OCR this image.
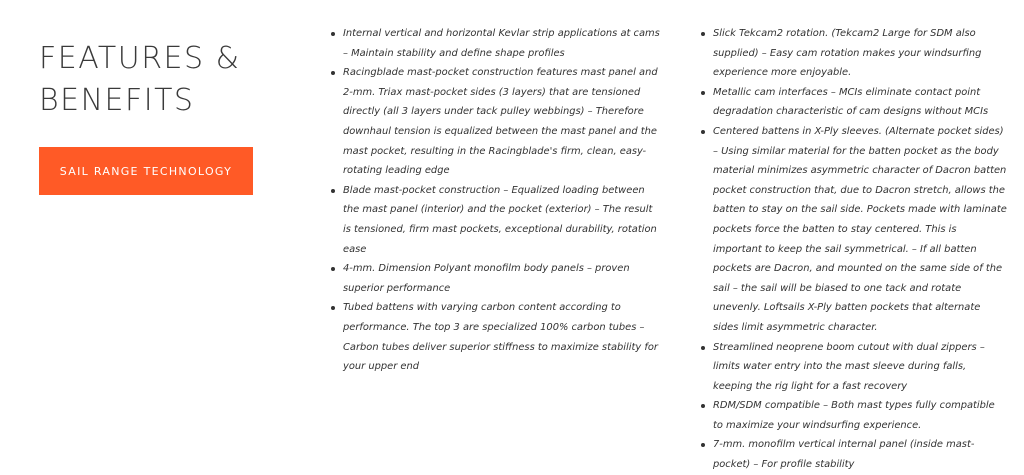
FEATURES &
BENEFITS
SAIL RANGE TECHNOLOGY
Internal vertical and horizontal Kevlar strip applications at cams – Maintain stability and define shape profiles
Racingblade mast-pocket construction features mast panel and 2-mm. Triax mast-pocket sides (3 layers) that are tensioned directly (all 3 layers under tack pulley webbings) – Therefore downhaul tension is equalized between the mast panel and the mast pocket, resulting in the Racingblade's firm, clean, easy-rotating leading edge
Blade mast-pocket construction – Equalized loading between the mast panel (interior) and the pocket (exterior) – The result is tensioned, firm mast pockets, exceptional durability, rotation ease
4-mm. Dimension Polyant monofilm body panels – proven superior performance
Tubed battens with varying carbon content according to performance. The top 3 are specialized 100% carbon tubes – Carbon tubes deliver superior stiffness to maximize stability for your upper end
Slick Tekcam2 rotation. (Tekcam2 Large for SDM also supplied) – Easy cam rotation makes your windsurfing experience more enjoyable.
Metallic cam interfaces – MCIs eliminate contact point degradation characteristic of cam designs without MCIs
Centered battens in X-Ply sleeves. (Alternate pocket sides) – Using similar material for the batten pocket as the body material minimizes asymmetric character of Dacron batten pocket construction that, due to Dacron stretch, allows the batten to stay on the sail side. Pockets made with laminate pockets force the batten to stay centered. This is important to keep the sail symmetrical. – If all batten pockets are Dacron, and mounted on the same side of the sail – the sail will be biased to one tack and rotate unevenly. Loftsails X-Ply batten pockets that alternate sides limit asymmetric character.
Streamlined neoprene boom cutout with dual zippers – limits water entry into the mast sleeve during falls, keeping the rig light for a fast recovery
RDM/SDM compatible – Both mast types fully compatible to maximize your windsurfing experience.
7-mm. monofilm vertical internal panel (inside mast-pocket) – For profile stability
